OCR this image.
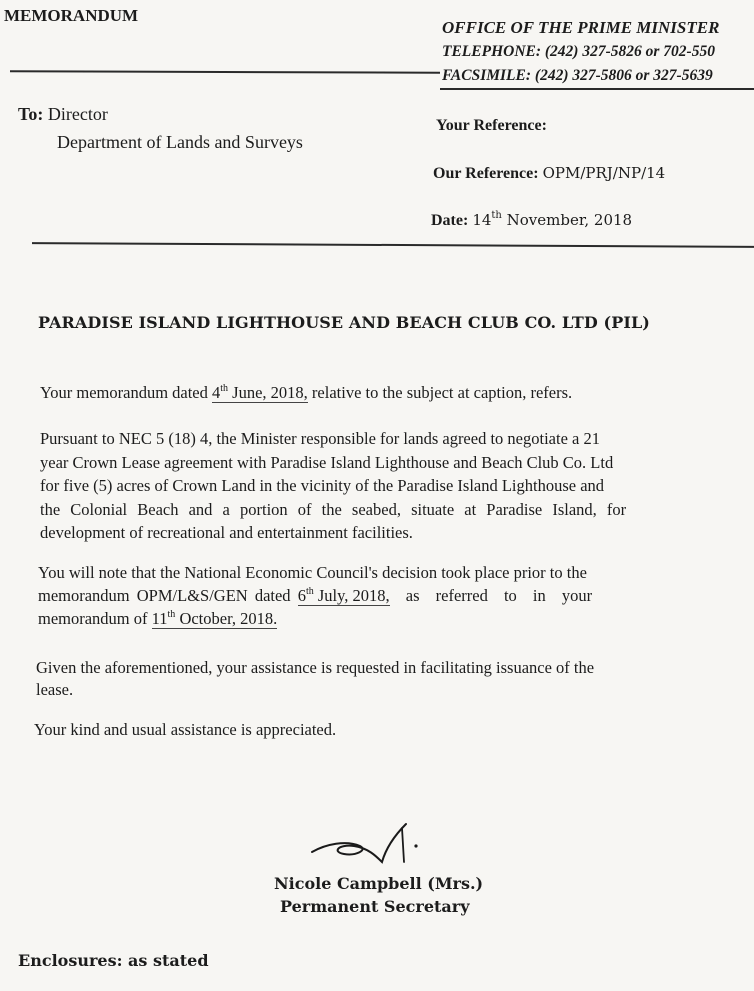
MEMORANDUM
OFFICE OF THE PRIME MINISTER
TELEPHONE: (242) 327-5826 or 702-550
FACSIMILE: (242) 327-5806 or 327-5639
To: Director
Department of Lands and Surveys
Your Reference:
Our Reference: OPM/PRJ/NP/14
Date: 14th November, 2018
PARADISE ISLAND LIGHTHOUSE AND BEACH CLUB CO. LTD (PIL)
Your memorandum dated 4th June, 2018, relative to the subject at caption, refers.
Pursuant to NEC 5 (18) 4, the Minister responsible for lands agreed to negotiate a 21
year Crown Lease agreement with Paradise Island Lighthouse and Beach Club Co. Ltd
for five (5) acres of Crown Land in the vicinity of the Paradise Island Lighthouse and
the Colonial Beach and a portion of the seabed, situate at Paradise Island, for
development of recreational and entertainment facilities.
You will note that the National Economic Council's decision took place prior to the
memorandum OPM/L&S/GEN dated 6th July, 2018, as referred to in your
memorandum of 11th October, 2018.
Given the aforementioned, your assistance is requested in facilitating issuance of the
lease.
Your kind and usual assistance is appreciated.
Nicole Campbell (Mrs.)
Permanent Secretary
Enclosures: as stated
